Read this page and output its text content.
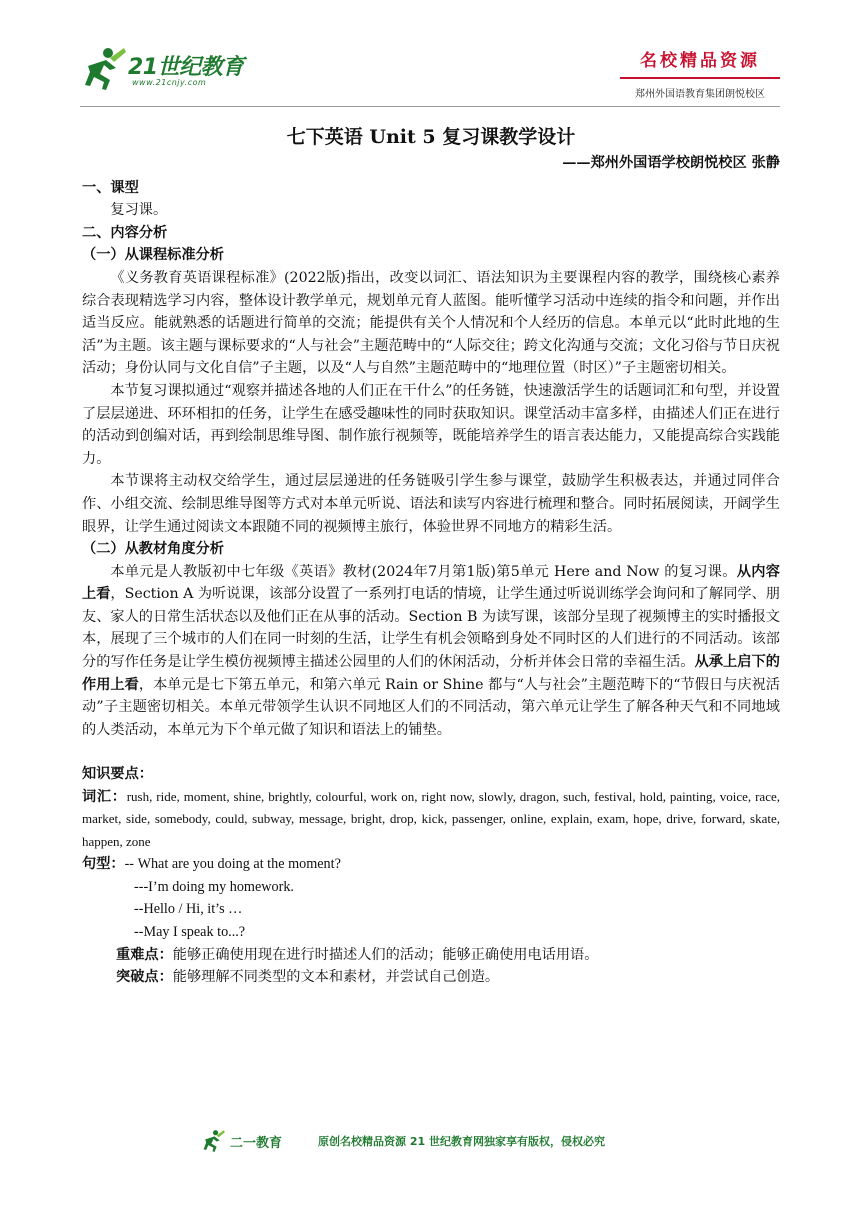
21世纪教育
www.21cnjy.com
名校精品资源
郑州外国语教育集团朗悦校区

七下英语 Unit 5 复习课教学设计

——郑州外国语学校朗悦校区 张静

一、课型

复习课。

二、内容分析

（一）从课程标准分析

《义务教育英语课程标准》(2022版)指出，改变以词汇、语法知识为主要课程内容的教学，围绕核心素养综合表现精选学习内容，整体设计教学单元，规划单元育人蓝图。能听懂学习活动中连续的指令和问题，并作出适当反应。能就熟悉的话题进行简单的交流；能提供有关个人情况和个人经历的信息。本单元以“此时此地的生活”为主题。该主题与课标要求的“人与社会”主题范畴中的“人际交往；跨文化沟通与交流；文化习俗与节日庆祝活动；身份认同与文化自信”子主题，以及“人与自然”主题范畴中的“地理位置（时区）”子主题密切相关。

本节复习课拟通过“观察并描述各地的人们正在干什么”的任务链，快速激活学生的话题词汇和句型，并设置了层层递进、环环相扣的任务，让学生在感受趣味性的同时获取知识。课堂活动丰富多样，由描述人们正在进行的活动到创编对话，再到绘制思维导图、制作旅行视频等，既能培养学生的语言表达能力，又能提高综合实践能力。

本节课将主动权交给学生，通过层层递进的任务链吸引学生参与课堂，鼓励学生积极表达，并通过同伴合作、小组交流、绘制思维导图等方式对本单元听说、语法和读写内容进行梳理和整合。同时拓展阅读，开阔学生眼界，让学生通过阅读文本跟随不同的视频博主旅行，体验世界不同地方的精彩生活。

（二）从教材角度分析

本单元是人教版初中七年级《英语》教材(2024年7月第1版)第5单元 Here and Now 的复习课。从内容上看，Section A 为听说课，该部分设置了一系列打电话的情境，让学生通过听说训练学会询问和了解同学、朋友、家人的日常生活状态以及他们正在从事的活动。Section B 为读写课，该部分呈现了视频博主的实时播报文本，展现了三个城市的人们在同一时刻的生活，让学生有机会领略到身处不同时区的人们进行的不同活动。该部分的写作任务是让学生模仿视频博主描述公园里的人们的休闲活动，分析并体会日常的幸福生活。从承上启下的作用上看，本单元是七下第五单元，和第六单元 Rain or Shine 都与“人与社会”主题范畴下的“节假日与庆祝活动”子主题密切相关。本单元带领学生认识不同地区人们的不同活动，第六单元让学生了解各种天气和不同地域的人类活动，本单元为下个单元做了知识和语法上的铺垫。

知识要点：

词汇：rush, ride, moment, shine, brightly, colourful, work on, right now, slowly, dragon, such, festival, hold, painting, voice, race, market, side, somebody, could, subway, message, bright, drop, kick, passenger, online, explain, exam, hope, drive, forward, skate, happen, zone

句型：-- What are you doing at the moment?

---I’m doing my homework.

--Hello / Hi, it’s …

--May I speak to...?

重难点：能够正确使用现在进行时描述人们的活动；能够正确使用电话用语。

突破点：能够理解不同类型的文本和素材，并尝试自己创造。

二一教育	原创名校精品资源 21 世纪教育网独家享有版权，侵权必究
